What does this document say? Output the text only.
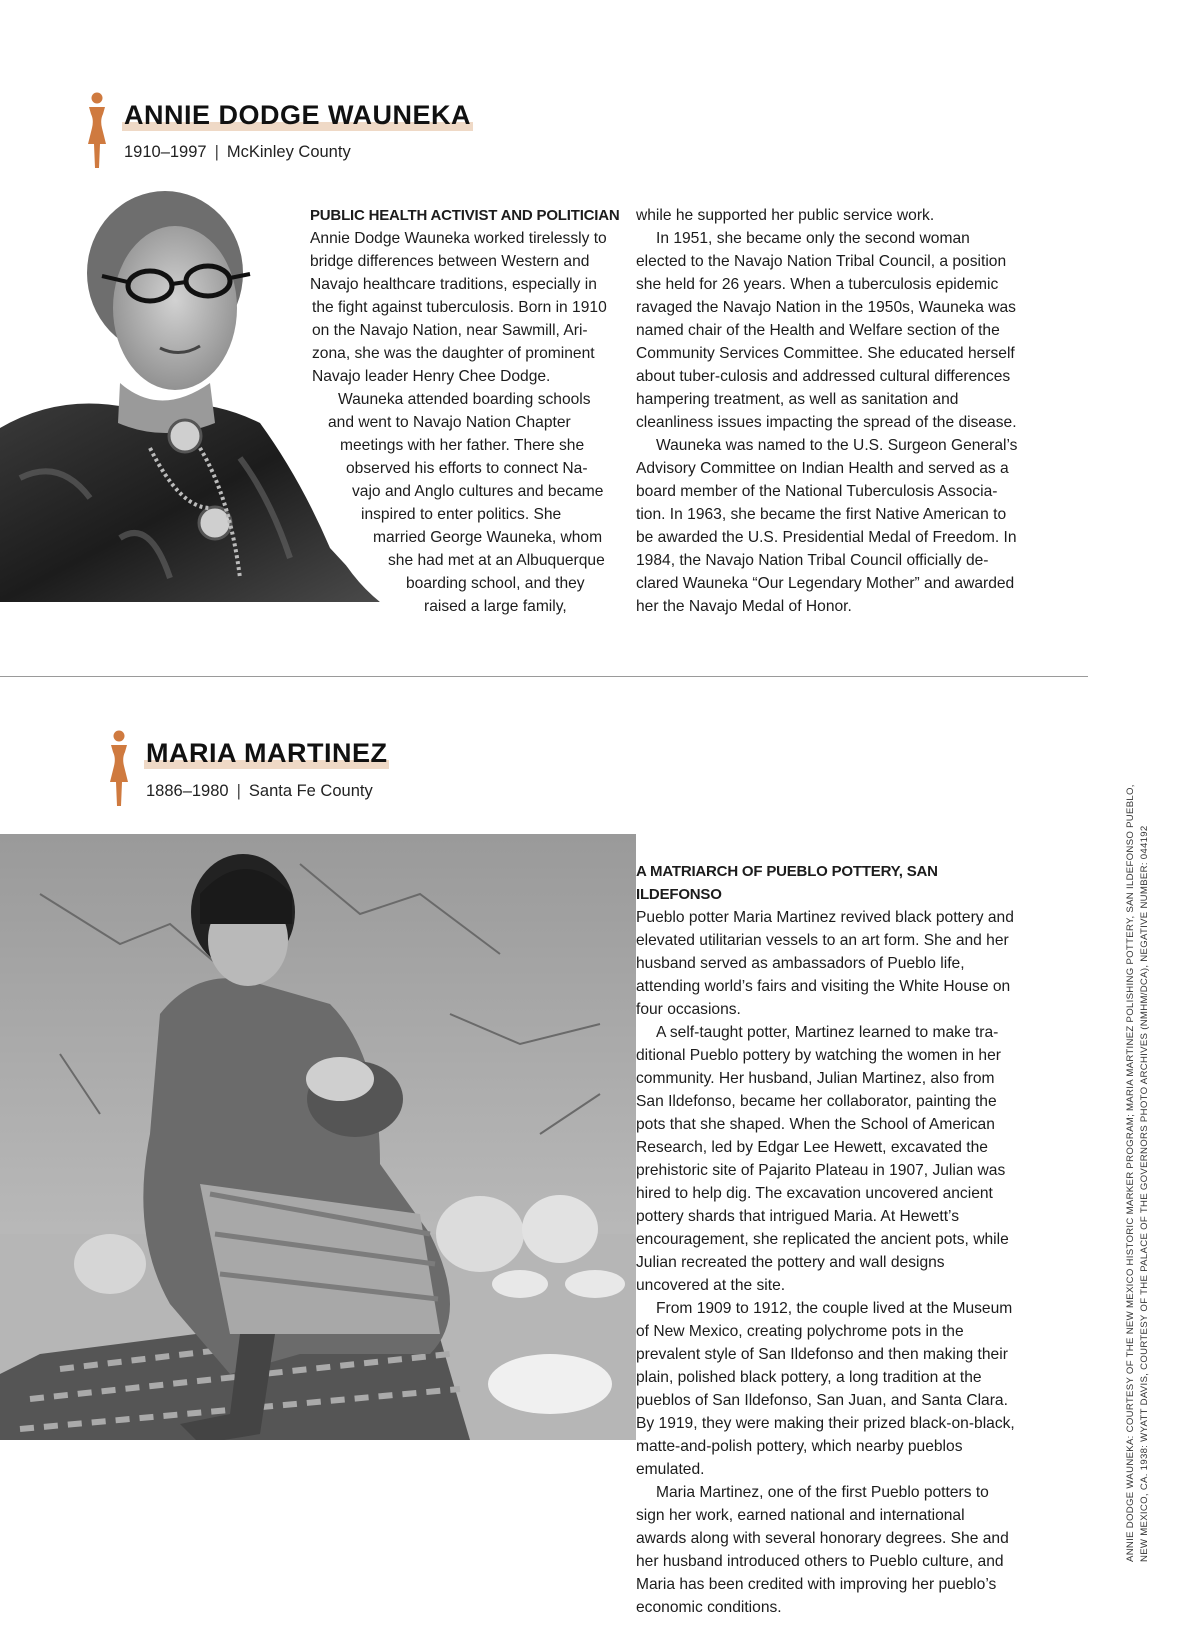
ANNIE DODGE WAUNEKA
1910–1997 | McKinley County
PUBLIC HEALTH ACTIVIST AND POLITICIAN
Annie Dodge Wauneka worked tirelessly to
bridge differences between Western and
Navajo healthcare traditions, especially in
the fight against tuberculosis. Born in 1910
on the Navajo Nation, near Sawmill, Ari-
zona, she was the daughter of prominent
Navajo leader Henry Chee Dodge.
Wauneka attended boarding schools
and went to Navajo Nation Chapter
meetings with her father. There she
observed his efforts to connect Na-
vajo and Anglo cultures and became
inspired to enter politics. She
married George Wauneka, whom
she had met at an Albuquerque
boarding school, and they
raised a large family,

while he supported her public service work.

In 1951, she became only the second woman elected to the Navajo Nation Tribal Council, a position she held for 26 years. When a tuberculosis epidemic ravaged the Navajo Nation in the 1950s, Wauneka was named chair of the Health and Welfare section of the Community Services Committee. She educated herself about tuber-culosis and addressed cultural differences hampering treatment, as well as sanitation and cleanliness issues impacting the spread of the disease.

Wauneka was named to the U.S. Surgeon General’s Advisory Committee on Indian Health and served as a board member of the National Tuberculosis Associa-tion. In 1963, she became the first Native American to be awarded the U.S. Presidential Medal of Freedom. In 1984, the Navajo Nation Tribal Council officially de-clared Wauneka “Our Legendary Mother” and awarded her the Navajo Medal of Honor.

MARIA MARTINEZ
1886–1980 | Santa Fe County
A MATRIARCH OF PUEBLO POTTERY, SAN ILDEFONSO

Pueblo potter Maria Martinez revived black pottery and elevated utilitarian vessels to an art form. She and her husband served as ambassadors of Pueblo life, attending world’s fairs and visiting the White House on four occasions.

A self-taught potter, Martinez learned to make tra-ditional Pueblo pottery by watching the women in her community. Her husband, Julian Martinez, also from San Ildefonso, became her collaborator, painting the pots that she shaped. When the School of American Research, led by Edgar Lee Hewett, excavated the prehistoric site of Pajarito Plateau in 1907, Julian was hired to help dig. The excavation uncovered ancient pottery shards that intrigued Maria. At Hewett’s encouragement, she replicated the ancient pots, while Julian recreated the pottery and wall designs uncovered at the site.

From 1909 to 1912, the couple lived at the Museum of New Mexico, creating polychrome pots in the prevalent style of San Ildefonso and then making their plain, polished black pottery, a long tradition at the pueblos of San Ildefonso, San Juan, and Santa Clara. By 1919, they were making their prized black-on-black, matte-and-polish pottery, which nearby pueblos emulated.

Maria Martinez, one of the first Pueblo potters to sign her work, earned national and international awards along with several honorary degrees. She and her husband introduced others to Pueblo culture, and Maria has been credited with improving her pueblo’s economic conditions.

ANNIE DODGE WAUNEKA: COURTESY OF THE NEW MEXICO HISTORIC MARKER PROGRAM; MARIA MARTINEZ POLISHING POTTERY, SAN ILDEFONSO PUEBLO, NEW MEXICO, CA. 1938: WYATT DAVIS, COURTESY OF THE PALACE OF THE GOVERNORS PHOTO ARCHIVES (NMHM/DCA), NEGATIVE NUMBER: 044192
